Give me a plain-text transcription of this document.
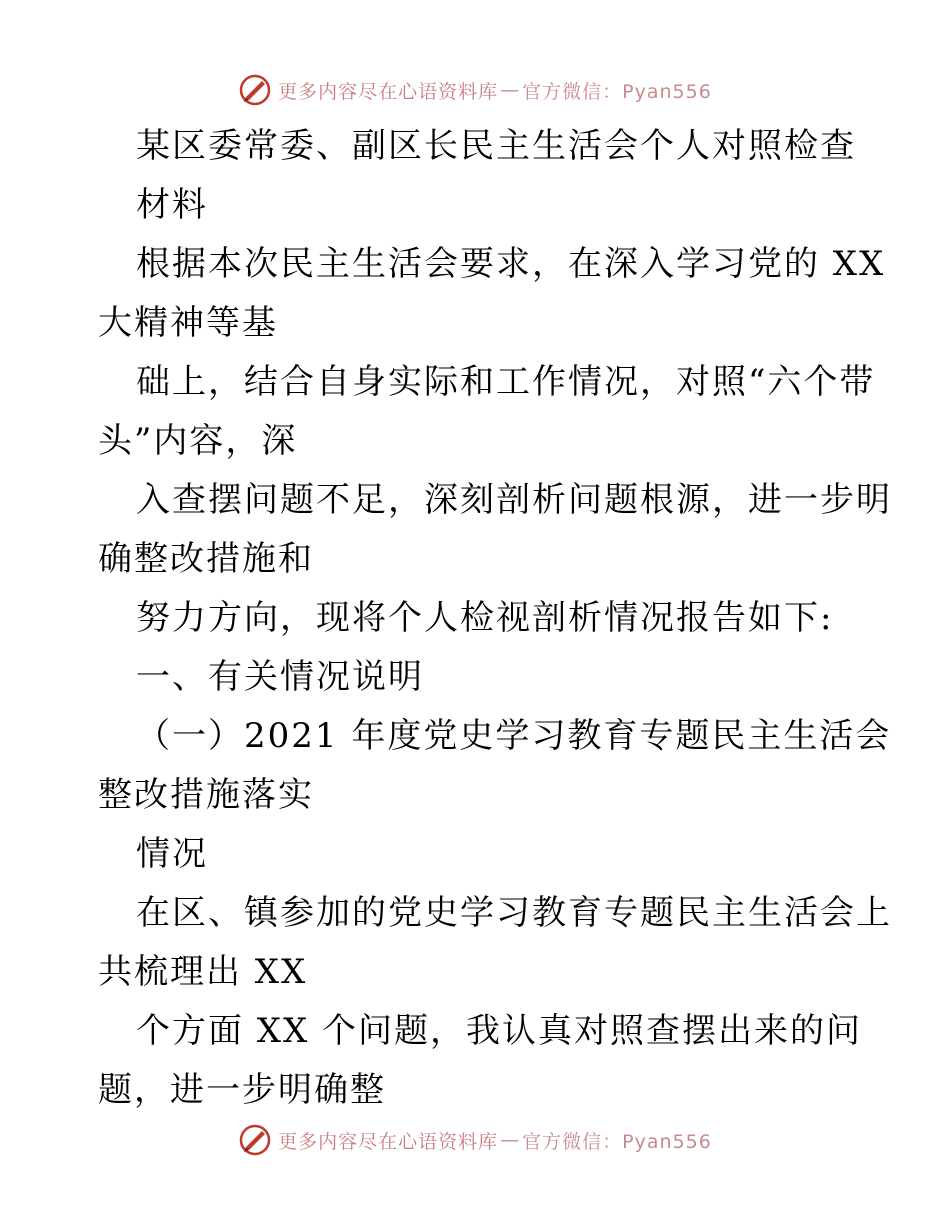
更多内容尽在心语资料库 — 官方微信：Pyan556
某区委常委、副区长民主生活会个人对照检查
材料
根据本次民主生活会要求，在深入学习党的 XX
大精神等基
础上，结合自身实际和工作情况，对照“六个带
头”内容，深
入查摆问题不足，深刻剖析问题根源，进一步明
确整改措施和
努力方向，现将个人检视剖析情况报告如下:
一、有关情况说明
（一）2021 年度党史学习教育专题民主生活会
整改措施落实
情况
在区、镇参加的党史学习教育专题民主生活会上
共梳理出 XX
个方面 XX 个问题，我认真对照查摆出来的问
题，进一步明确整
更多内容尽在心语资料库 — 官方微信：Pyan556
